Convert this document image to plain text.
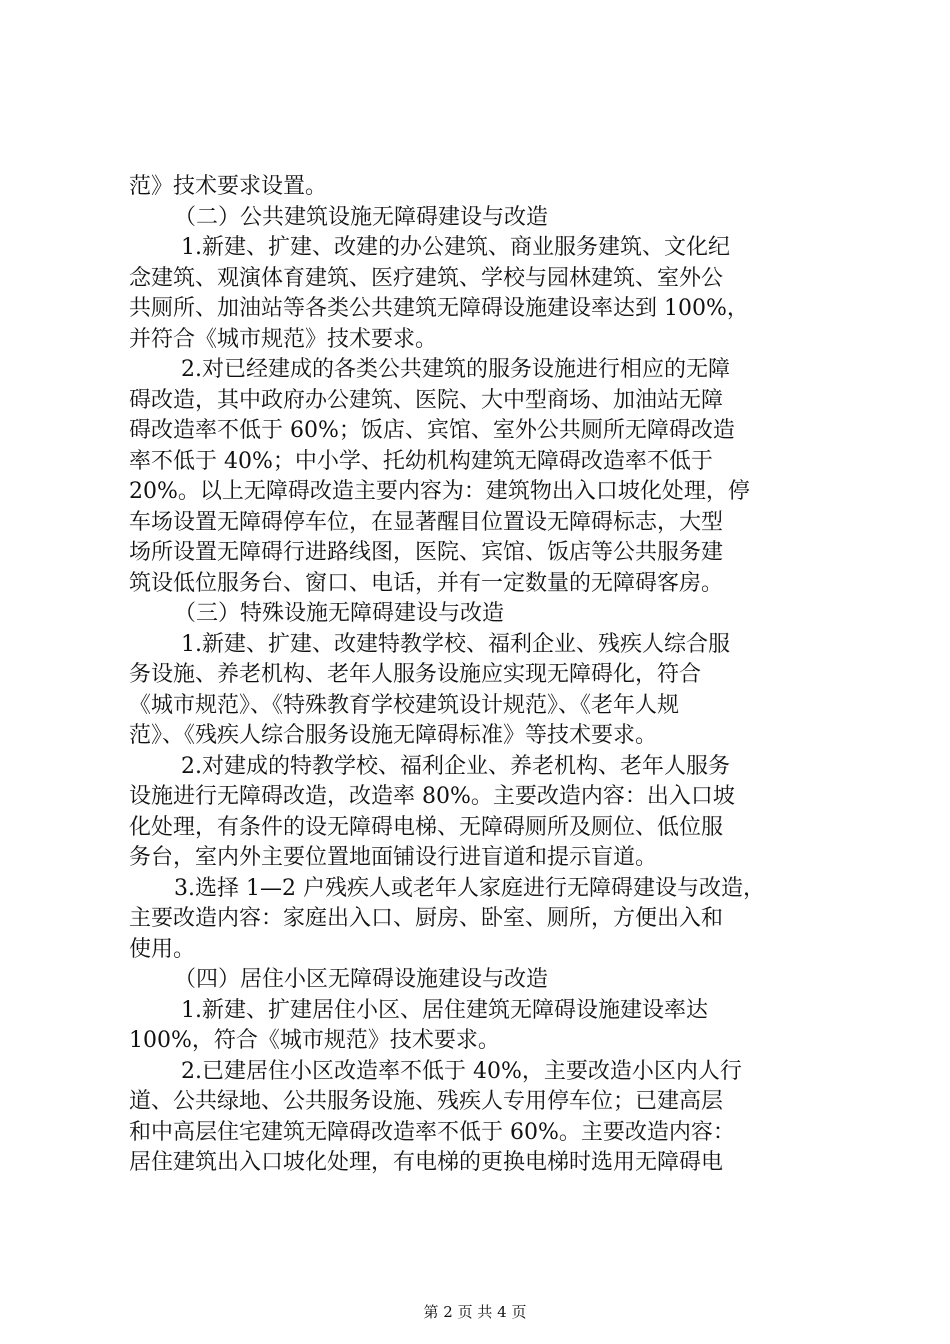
范》技术要求设置。
（二）公共建筑设施无障碍建设与改造
1.新建、扩建、改建的办公建筑、商业服务建筑、文化纪
念建筑、观演体育建筑、医疗建筑、学校与园林建筑、室外公
共厕所、加油站等各类公共建筑无障碍设施建设率达到 100%，
并符合《城市规范》技术要求。
2.对已经建成的各类公共建筑的服务设施进行相应的无障
碍改造，其中政府办公建筑、医院、大中型商场、加油站无障
碍改造率不低于 60%；饭店、宾馆、室外公共厕所无障碍改造
率不低于 40%；中小学、托幼机构建筑无障碍改造率不低于
20%。以上无障碍改造主要内容为：建筑物出入口坡化处理，停
车场设置无障碍停车位，在显著醒目位置设无障碍标志，大型
场所设置无障碍行进路线图，医院、宾馆、饭店等公共服务建
筑设低位服务台、窗口、电话，并有一定数量的无障碍客房。
（三）特殊设施无障碍建设与改造
1.新建、扩建、改建特教学校、福利企业、残疾人综合服
务设施、养老机构、老年人服务设施应实现无障碍化，符合
《城市规范》、《特殊教育学校建筑设计规范》、《老年人规
范》、《残疾人综合服务设施无障碍标准》等技术要求。
2.对建成的特教学校、福利企业、养老机构、老年人服务
设施进行无障碍改造，改造率 80%。主要改造内容：出入口坡
化处理，有条件的设无障碍电梯、无障碍厕所及厕位、低位服
务台，室内外主要位置地面铺设行进盲道和提示盲道。
3.选择 1—2 户残疾人或老年人家庭进行无障碍建设与改造，
主要改造内容：家庭出入口、厨房、卧室、厕所，方便出入和
使用。
（四）居住小区无障碍设施建设与改造
1.新建、扩建居住小区、居住建筑无障碍设施建设率达
100%，符合《城市规范》技术要求。
2.已建居住小区改造率不低于 40%，主要改造小区内人行
道、公共绿地、公共服务设施、残疾人专用停车位；已建高层
和中高层住宅建筑无障碍改造率不低于 60%。主要改造内容：
居住建筑出入口坡化处理，有电梯的更换电梯时选用无障碍电
第 2 页 共 4 页
